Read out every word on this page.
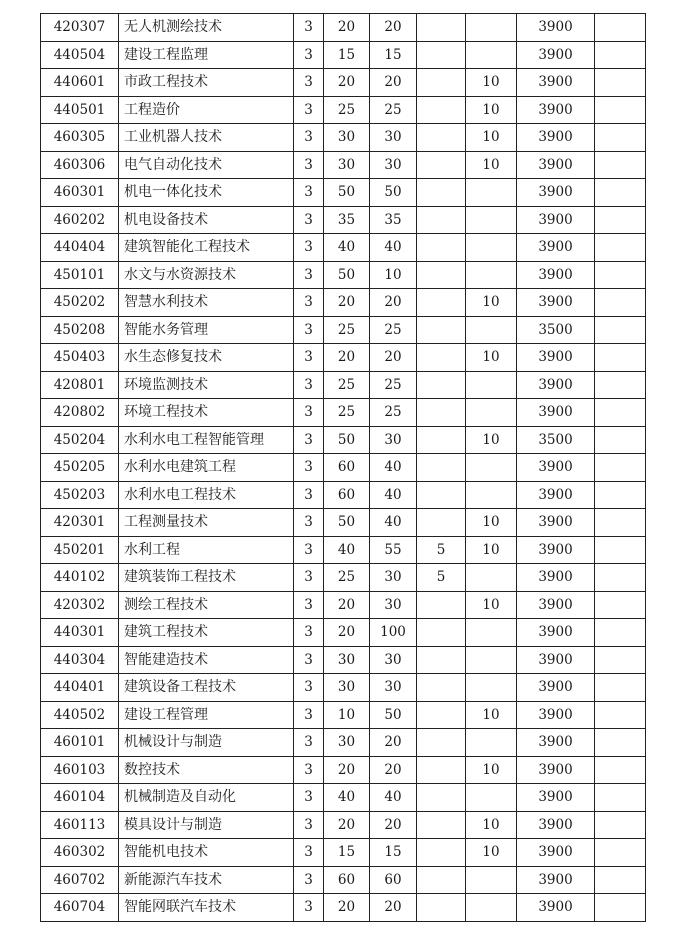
420307	无人机测绘技术	3	20	20			3900	
440504	建设工程监理	3	15	15			3900	
440601	市政工程技术	3	20	20		10	3900	
440501	工程造价	3	25	25		10	3900	
460305	工业机器人技术	3	30	30		10	3900	
460306	电气自动化技术	3	30	30		10	3900	
460301	机电一体化技术	3	50	50			3900	
460202	机电设备技术	3	35	35			3900	
440404	建筑智能化工程技术	3	40	40			3900	
450101	水文与水资源技术	3	50	10			3900	
450202	智慧水利技术	3	20	20		10	3900	
450208	智能水务管理	3	25	25			3500	
450403	水生态修复技术	3	20	20		10	3900	
420801	环境监测技术	3	25	25			3900	
420802	环境工程技术	3	25	25			3900	
450204	水利水电工程智能管理	3	50	30		10	3500	
450205	水利水电建筑工程	3	60	40			3900	
450203	水利水电工程技术	3	60	40			3900	
420301	工程测量技术	3	50	40		10	3900	
450201	水利工程	3	40	55	5	10	3900	
440102	建筑装饰工程技术	3	25	30	5		3900	
420302	测绘工程技术	3	20	30		10	3900	
440301	建筑工程技术	3	20	100			3900	
440304	智能建造技术	3	30	30			3900	
440401	建筑设备工程技术	3	30	30			3900	
440502	建设工程管理	3	10	50		10	3900	
460101	机械设计与制造	3	30	20			3900	
460103	数控技术	3	20	20		10	3900	
460104	机械制造及自动化	3	40	40			3900	
460113	模具设计与制造	3	20	20		10	3900	
460302	智能机电技术	3	15	15		10	3900	
460702	新能源汽车技术	3	60	60			3900	
460704	智能网联汽车技术	3	20	20			3900	
